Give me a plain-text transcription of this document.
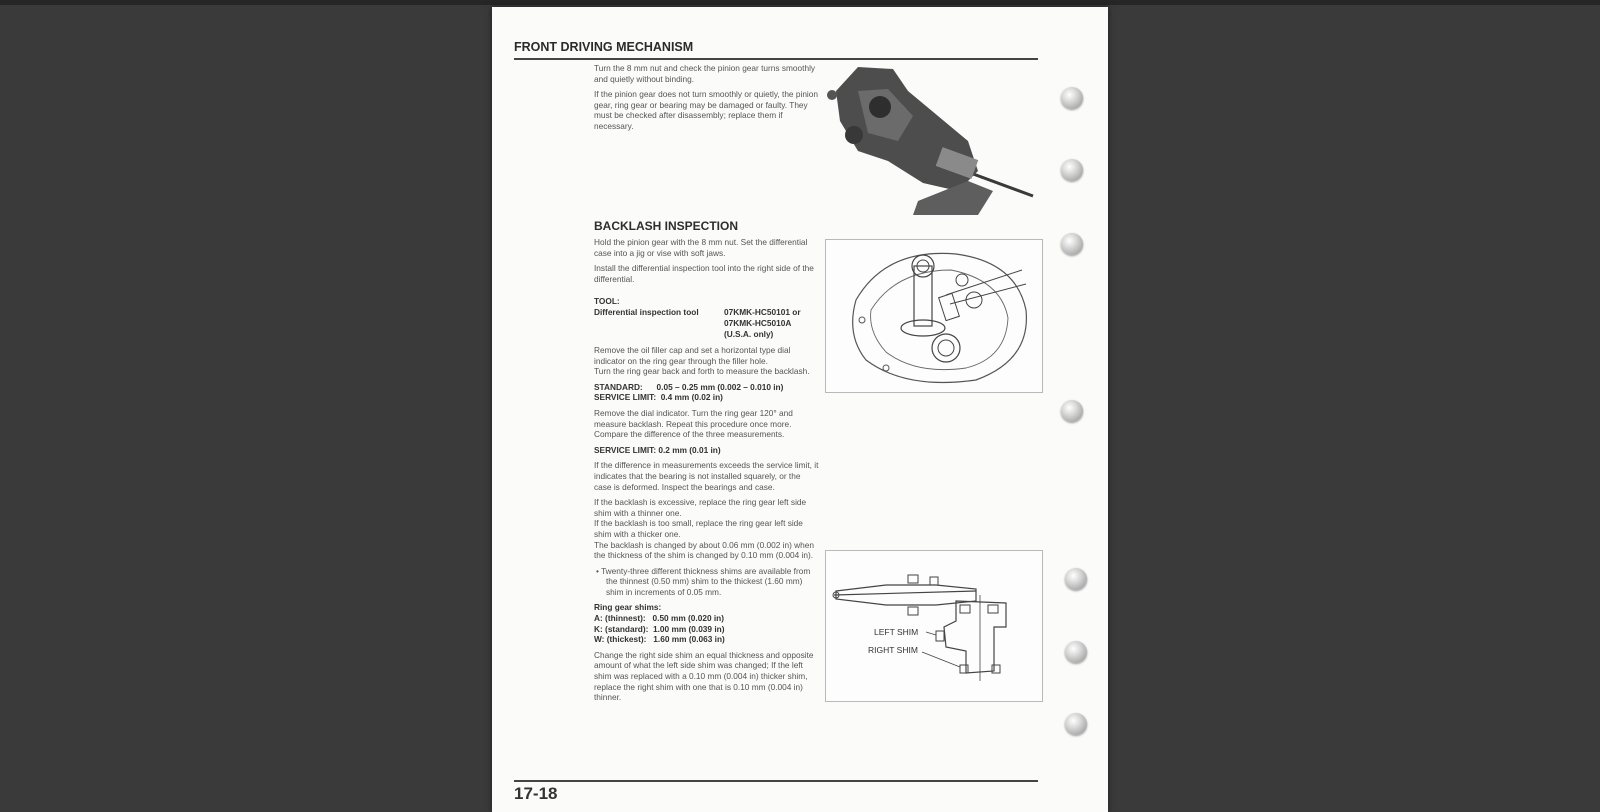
FRONT DRIVING MECHANISM

Turn the 8 mm nut and check the pinion gear turns smoothly and quietly without binding.

If the pinion gear does not turn smoothly or quietly, the pinion gear, ring gear or bearing may be damaged or faulty. They must be checked after disassembly; replace them if necessary.

BACKLASH INSPECTION

Hold the pinion gear with the 8 mm nut. Set the differential case into a jig or vise with soft jaws.

Install the differential inspection tool into the right side of the differential.

TOOL:
Differential inspection tool	07KMK-HC50101 or
07KMK-HC5010A
(U.S.A. only)

Remove the oil filler cap and set a horizontal type dial indicator on the ring gear through the filler hole.

Turn the ring gear back and forth to measure the backlash.

STANDARD:      0.05 – 0.25 mm (0.002 – 0.010 in)

SERVICE LIMIT:  0.4 mm (0.02 in)

Remove the dial indicator. Turn the ring gear 120° and measure backlash. Repeat this procedure once more. Compare the difference of the three measurements.

SERVICE LIMIT: 0.2 mm (0.01 in)

If the difference in measurements exceeds the service limit, it indicates that the bearing is not installed squarely, or the case is deformed. Inspect the bearings and case.

If the backlash is excessive, replace the ring gear left side shim with a thinner one.

If the backlash is too small, replace the ring gear left side shim with a thicker one.

The backlash is changed by about 0.06 mm (0.002 in) when the thickness of the shim is changed by 0.10 mm (0.004 in).

• Twenty-three different thickness shims are available from the thinnest (0.50 mm) shim to the thickest (1.60 mm) shim in increments of 0.05 mm.

Ring gear shims:

A: (thinnest):   0.50 mm (0.020 in)

K: (standard):  1.00 mm (0.039 in)

W: (thickest):   1.60 mm (0.063 in)

Change the right side shim an equal thickness and opposite amount of what the left side shim was changed; If the left shim was replaced with a 0.10 mm (0.004 in) thicker shim, replace the right shim with one that is 0.10 mm (0.004 in) thinner.

LEFT SHIM
RIGHT SHIM
17-18
